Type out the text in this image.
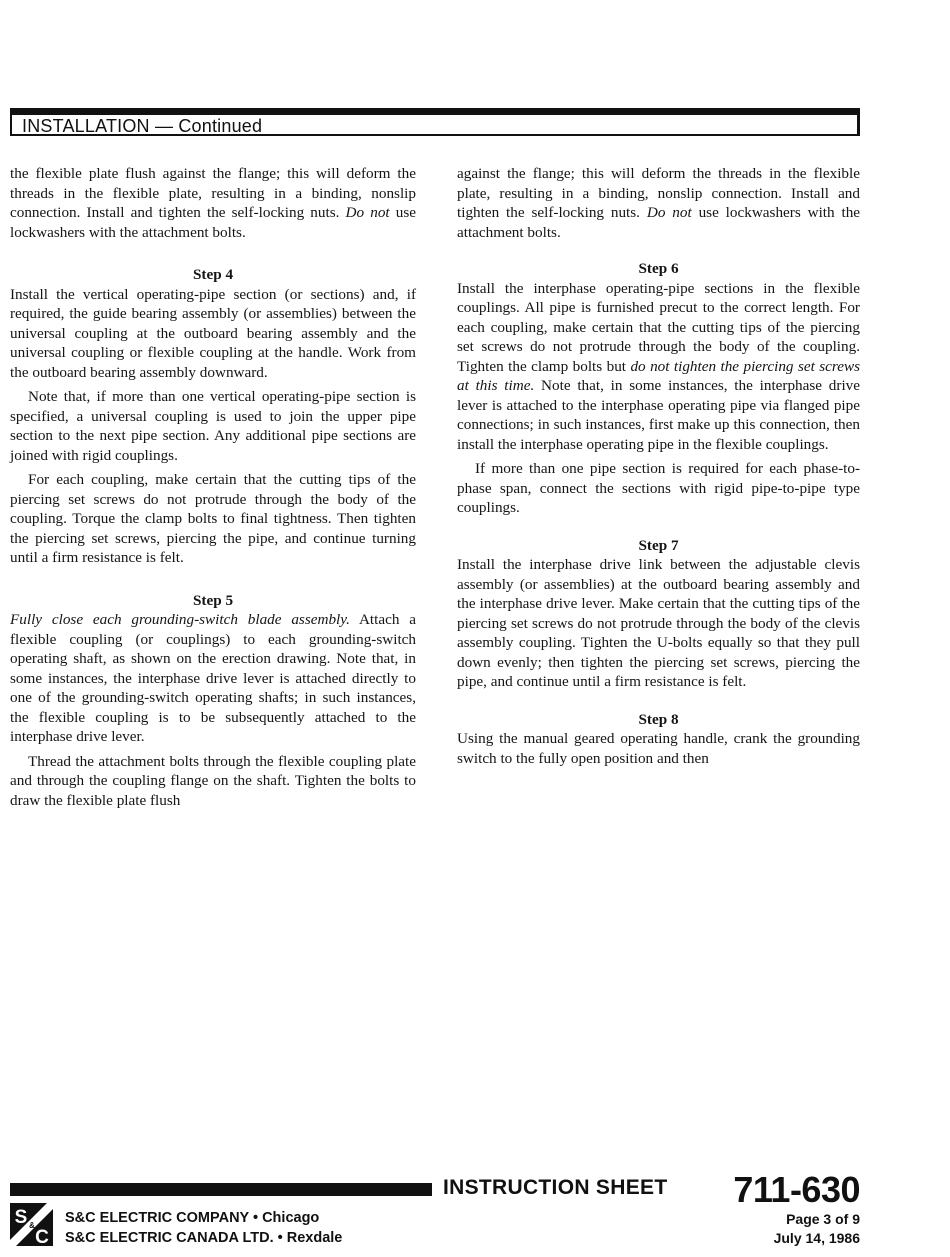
INSTALLATION — Continued

the flexible plate flush against the flange; this will deform the threads in the flexible plate, resulting in a binding, nonslip connection. Install and tighten the self-locking nuts. Do not use lockwashers with the attachment bolts.

Step 4

Install the vertical operating-pipe section (or sections) and, if required, the guide bearing assembly (or assemblies) between the universal coupling at the outboard bearing assembly and the universal coupling or flexible coupling at the handle. Work from the outboard bearing assembly downward.

Note that, if more than one vertical operating-pipe section is specified, a universal coupling is used to join the upper pipe section to the next pipe section. Any additional pipe sections are joined with rigid couplings.

For each coupling, make certain that the cutting tips of the piercing set screws do not protrude through the body of the coupling. Torque the clamp bolts to final tightness. Then tighten the piercing set screws, piercing the pipe, and continue turning until a firm resistance is felt.

Step 5

Fully close each grounding-switch blade assembly. Attach a flexible coupling (or couplings) to each grounding-switch operating shaft, as shown on the erection drawing. Note that, in some instances, the interphase drive lever is attached directly to one of the grounding-switch operating shafts; in such instances, the flexible coupling is to be subsequently attached to the interphase drive lever.

Thread the attachment bolts through the flexible coupling plate and through the coupling flange on the shaft. Tighten the bolts to draw the flexible plate flush

against the flange; this will deform the threads in the flexible plate, resulting in a binding, nonslip connection. Install and tighten the self-locking nuts. Do not use lockwashers with the attachment bolts.

Step 6

Install the interphase operating-pipe sections in the flexible couplings. All pipe is furnished precut to the correct length. For each coupling, make certain that the cutting tips of the piercing set screws do not protrude through the body of the coupling. Tighten the clamp bolts but do not tighten the piercing set screws at this time. Note that, in some instances, the interphase drive lever is attached to the interphase operating pipe via flanged pipe connections; in such instances, first make up this connection, then install the interphase operating pipe in the flexible couplings.

If more than one pipe section is required for each phase-to-phase span, connect the sections with rigid pipe-to-pipe type couplings.

Step 7

Install the interphase drive link between the adjustable clevis assembly (or assemblies) at the outboard bearing assembly and the interphase drive lever. Make certain that the cutting tips of the piercing set screws do not protrude through the body of the clevis assembly coupling. Tighten the U-bolts equally so that they pull down evenly; then tighten the piercing set screws, piercing the pipe, and continue until a firm resistance is felt.

Step 8

Using the manual geared operating handle, crank the grounding switch to the fully open position and then

INSTRUCTION SHEET 711-630
Page 3 of 9
July 14, 1986
S &
C
S&C ELECTRIC COMPANY • Chicago
S&C ELECTRIC CANADA LTD. • Rexdale
